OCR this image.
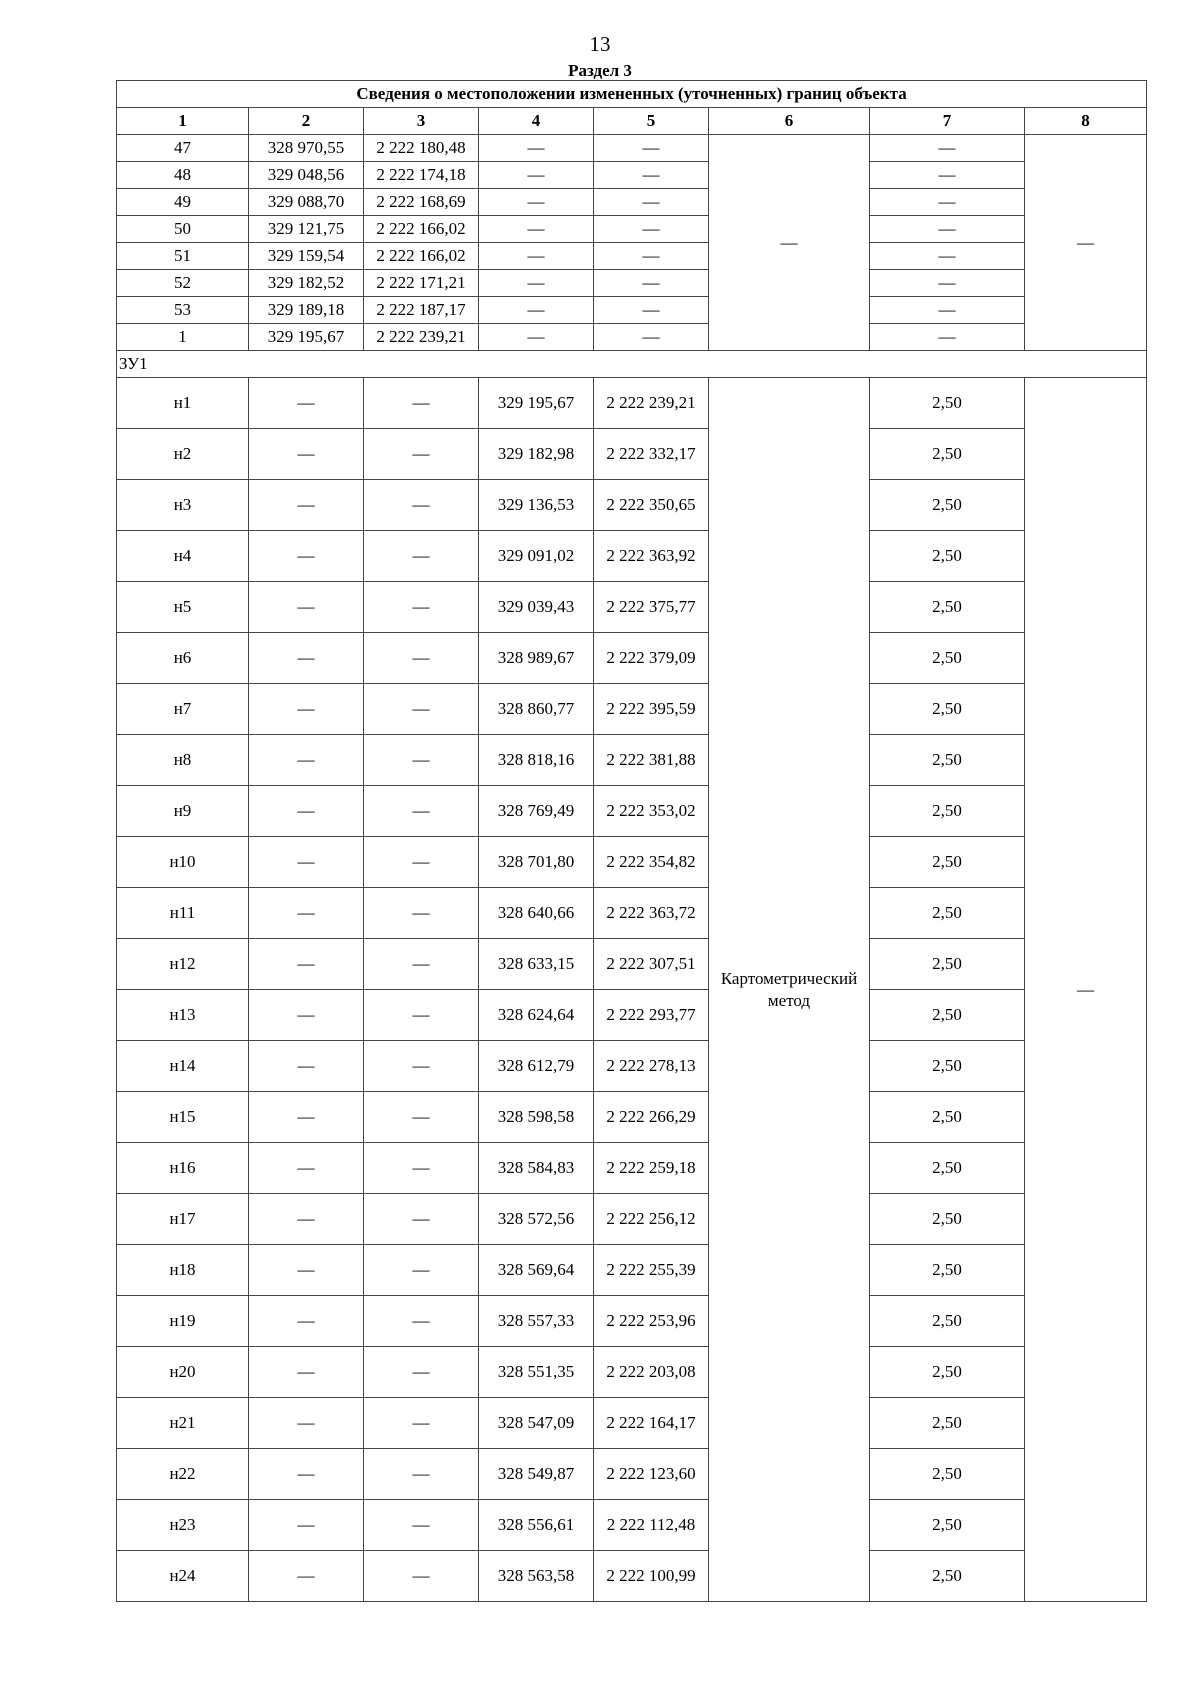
13
Раздел 3
Сведения о местоположении измененных (уточненных) границ объекта							
1	2	3	4	5	6	7	8
47	328 970,55	2 222 180,48	—	—	—	—	—
48	329 048,56	2 222 174,18	—	—		—	
49	329 088,70	2 222 168,69	—	—		—	
50	329 121,75	2 222 166,02	—	—		—	
51	329 159,54	2 222 166,02	—	—		—	
52	329 182,52	2 222 171,21	—	—		—	
53	329 189,18	2 222 187,17	—	—		—	
1	329 195,67	2 222 239,21	—	—		—	
ЗУ1							
н1	—	—	329 195,67	2 222 239,21	Картометрический метод	2,50	—
н2	—	—	329 182,98	2 222 332,17		2,50	
н3	—	—	329 136,53	2 222 350,65		2,50	
н4	—	—	329 091,02	2 222 363,92		2,50	
н5	—	—	329 039,43	2 222 375,77		2,50	
н6	—	—	328 989,67	2 222 379,09		2,50	
н7	—	—	328 860,77	2 222 395,59		2,50	
н8	—	—	328 818,16	2 222 381,88		2,50	
н9	—	—	328 769,49	2 222 353,02		2,50	
н10	—	—	328 701,80	2 222 354,82		2,50	
н11	—	—	328 640,66	2 222 363,72		2,50	
н12	—	—	328 633,15	2 222 307,51		2,50	
н13	—	—	328 624,64	2 222 293,77		2,50	
н14	—	—	328 612,79	2 222 278,13		2,50	
н15	—	—	328 598,58	2 222 266,29		2,50	
н16	—	—	328 584,83	2 222 259,18		2,50	
н17	—	—	328 572,56	2 222 256,12		2,50	
н18	—	—	328 569,64	2 222 255,39		2,50	
н19	—	—	328 557,33	2 222 253,96		2,50	
н20	—	—	328 551,35	2 222 203,08		2,50	
н21	—	—	328 547,09	2 222 164,17		2,50	
н22	—	—	328 549,87	2 222 123,60		2,50	
н23	—	—	328 556,61	2 222 112,48		2,50	
н24	—	—	328 563,58	2 222 100,99		2,50	
